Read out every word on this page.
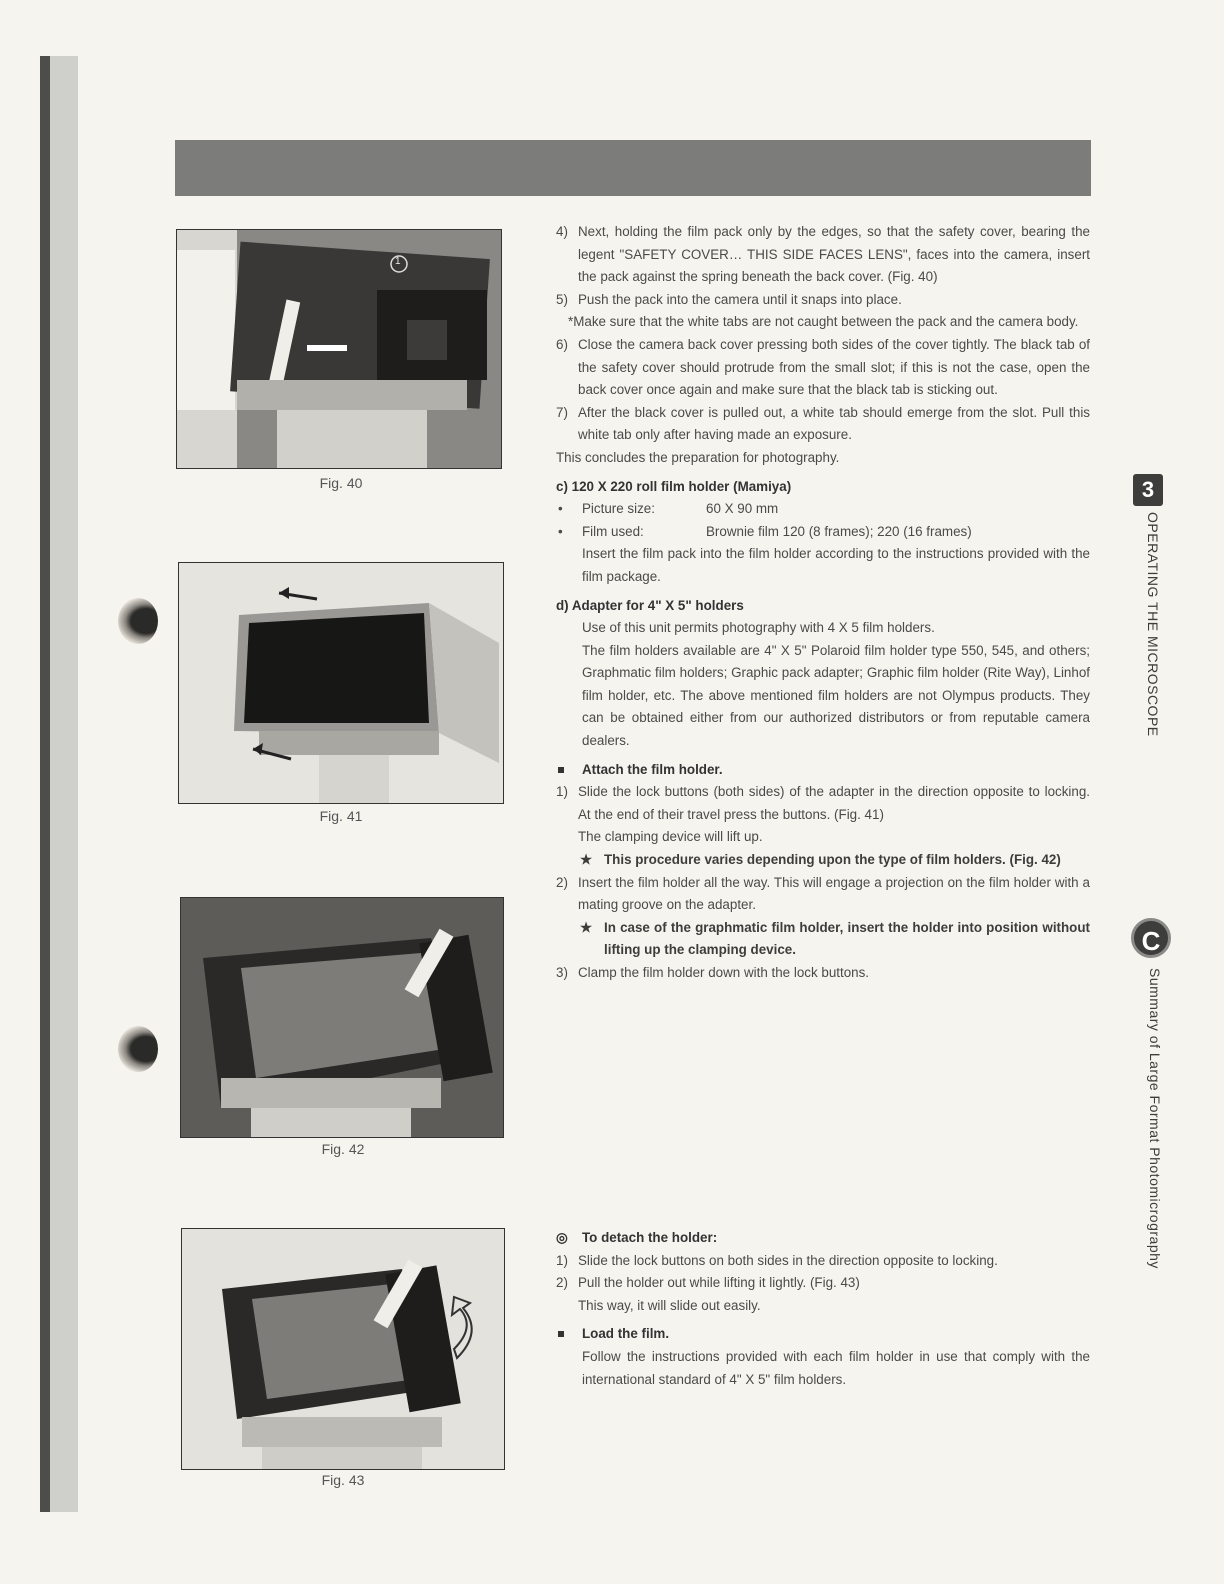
1
Fig. 40
Fig. 41
Fig. 42
Fig. 43
4) Next, holding the film pack only by the edges, so that the safety cover, bearing the legent "SAFETY COVER… THIS SIDE FACES LENS", faces into the camera, insert the pack against the spring beneath the back cover. (Fig. 40)
5) Push the pack into the camera until it snaps into place.
*Make sure that the white tabs are not caught between the pack and the camera body.
6) Close the camera back cover pressing both sides of the cover tightly. The black tab of the safety cover should protrude from the small slot; if this is not the case, open the back cover once again and make sure that the black tab is sticking out.
7) After the black cover is pulled out, a white tab should emerge from the slot. Pull this white tab only after having made an exposure.
This concludes the preparation for photography.
c) 120 X 220 roll film holder (Mamiya)
• Picture size:	60 X 90 mm
• Film used:	Brownie film 120 (8 frames); 220 (16 frames)
Insert the film pack into the film holder according to the instructions provided with the film package.
d) Adapter for 4" X 5" holders
Use of this unit permits photography with 4 X 5 film holders.
The film holders available are 4" X 5" Polaroid film holder type 550, 545, and others; Graphmatic film holders; Graphic pack adapter; Graphic film holder (Rite Way), Linhof film holder, etc. The above mentioned film holders are not Olympus products. They can be obtained either from our authorized distributors or from reputable camera dealers.
Attach the film holder.
1) Slide the lock buttons (both sides) of the adapter in the direction opposite to locking. At the end of their travel press the buttons. (Fig. 41)
The clamping device will lift up.
★ This procedure varies depending upon the type of film holders. (Fig. 42)
2) Insert the film holder all the way. This will engage a projection on the film holder with a mating groove on the adapter.
★ In case of the graphmatic film holder, insert the holder into position without lifting up the clamping device.
3) Clamp the film holder down with the lock buttons.
◎ To detach the holder:
1) Slide the lock buttons on both sides in the direction opposite to locking.
2) Pull the holder out while lifting it lightly. (Fig. 43)
This way, it will slide out easily.
Load the film.
Follow the instructions provided with each film holder in use that comply with the international standard of 4" X 5" film holders.
3
OPERATING THE MICROSCOPE
C
Summary of Large Format Photomicrography
